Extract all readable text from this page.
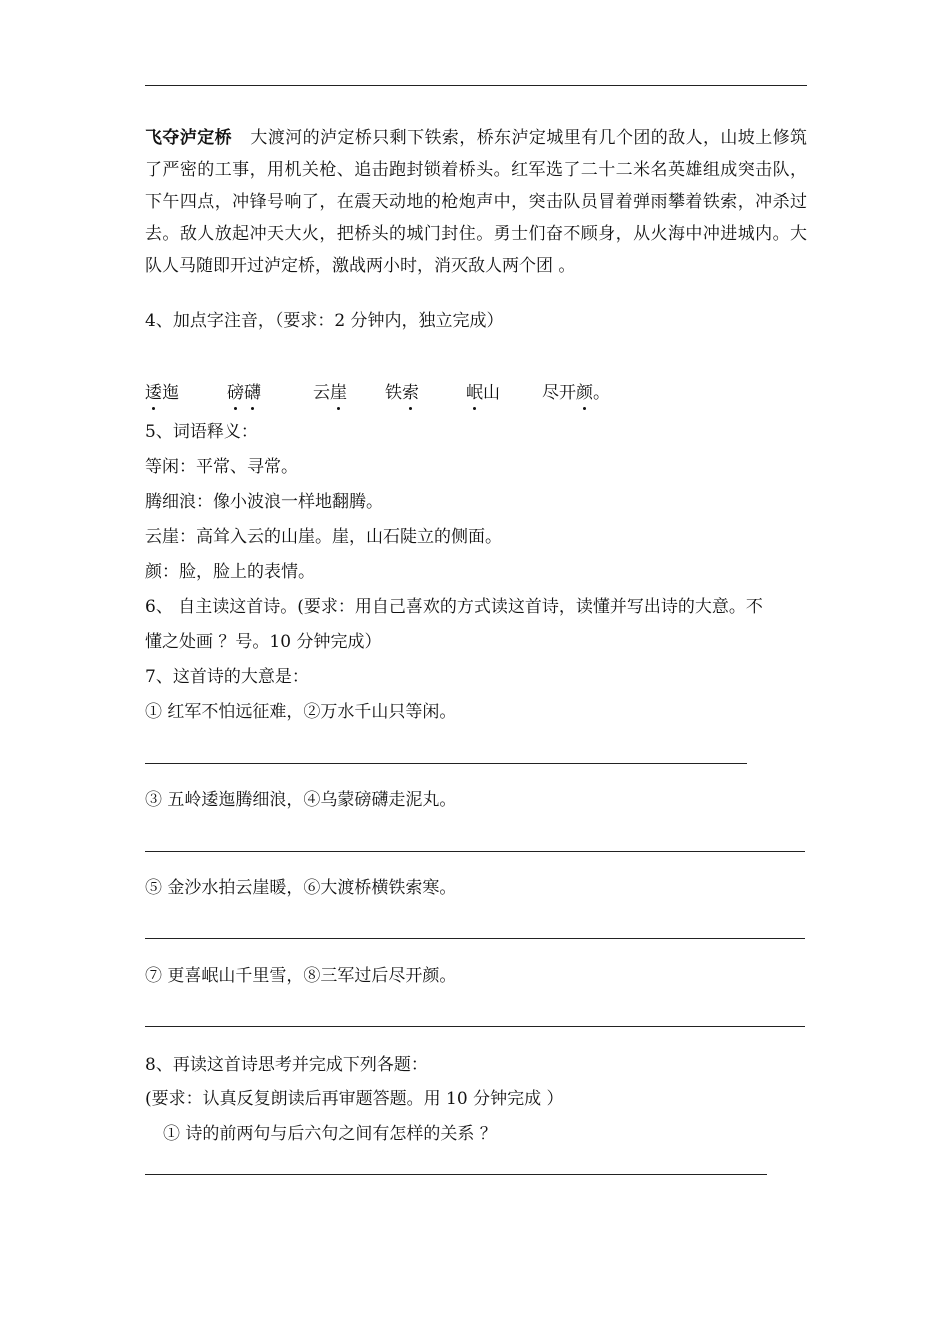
飞夺泸定桥 大渡河的泸定桥只剩下铁索，桥东泸定城里有几个团的敌人，山坡上修筑了严密的工事，用机关枪、追击跑封锁着桥头。红军选了二十二米名英雄组成突击队，下午四点，冲锋号响了，在震天动地的枪炮声中，突击队员冒着弹雨攀着铁索，冲杀过去。敌人放起冲天大火，把桥头的城门封住。勇士们奋不顾身，从火海中冲进城内。大队人马随即开过泸定桥，激战两小时，消灭敌人两个团 。
4、加点字注音，（要求：2 分钟内，独立完成）
逶迤	磅礴	云崖 铁索	岷山 尽开颜。
5、词语释义：
等闲：平常、寻常。
腾细浪：像小波浪一样地翻腾。
云崖：高耸入云的山崖。崖，山石陡立的侧面。
颜：脸，脸上的表情。
6、 自主读这首诗。(要求：用自己喜欢的方式读这首诗，读懂并写出诗的大意。不
懂之处画 ？号。10 分钟完成）
7、这首诗的大意是：
① 红军不怕远征难，②万水千山只等闲。
③ 五岭逶迤腾细浪，④乌蒙磅礴走泥丸。
⑤ 金沙水拍云崖暖，⑥大渡桥横铁索寒。
⑦ 更喜岷山千里雪，⑧三军过后尽开颜。
8、再读这首诗思考并完成下列各题：
(要求：认真反复朗读后再审题答题。用 10 分钟完成 ）
① 诗的前两句与后六句之间有怎样的关系 ？
